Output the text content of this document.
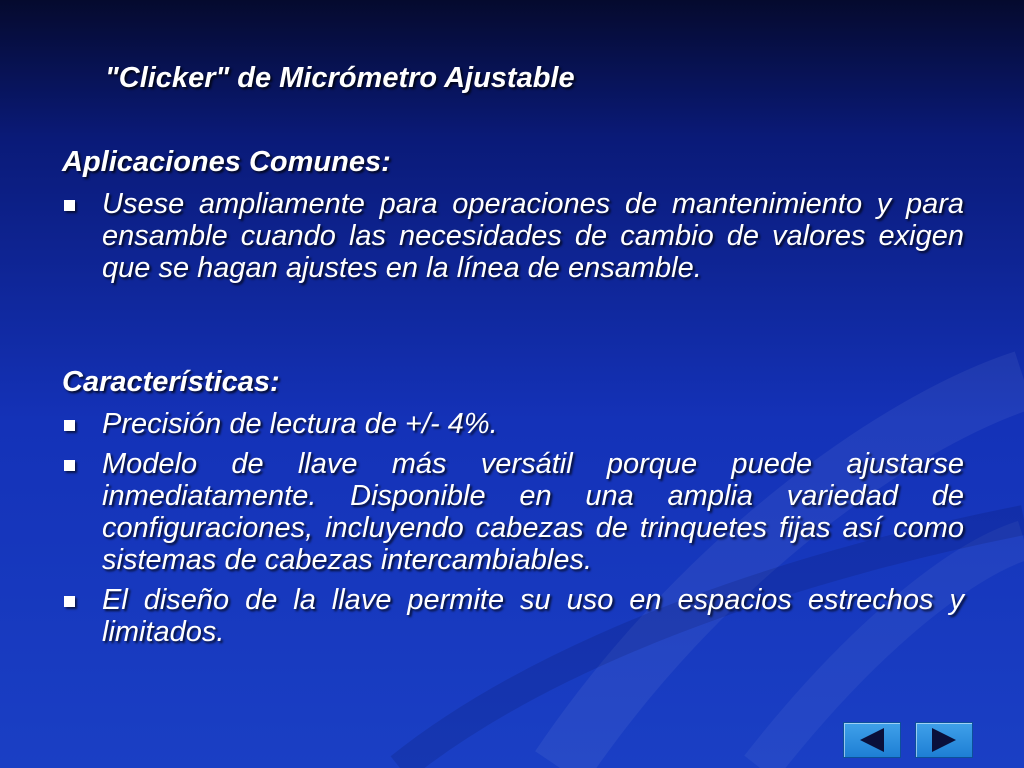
"Clicker" de Micrómetro Ajustable
Aplicaciones Comunes:
Usese ampliamente para operaciones de mantenimiento y para ensamble cuando las necesidades de cambio de valores exigen que se hagan ajustes en la línea de ensamble.
Características:
Precisión de lectura de +/- 4%.
Modelo de llave más versátil porque puede ajustarse inmediatamente. Disponible en una amplia variedad de configuraciones, incluyendo cabezas de trinquetes fijas así como sistemas de cabezas intercambiables.
El diseño de la llave permite su uso en espacios estrechos y limitados.
